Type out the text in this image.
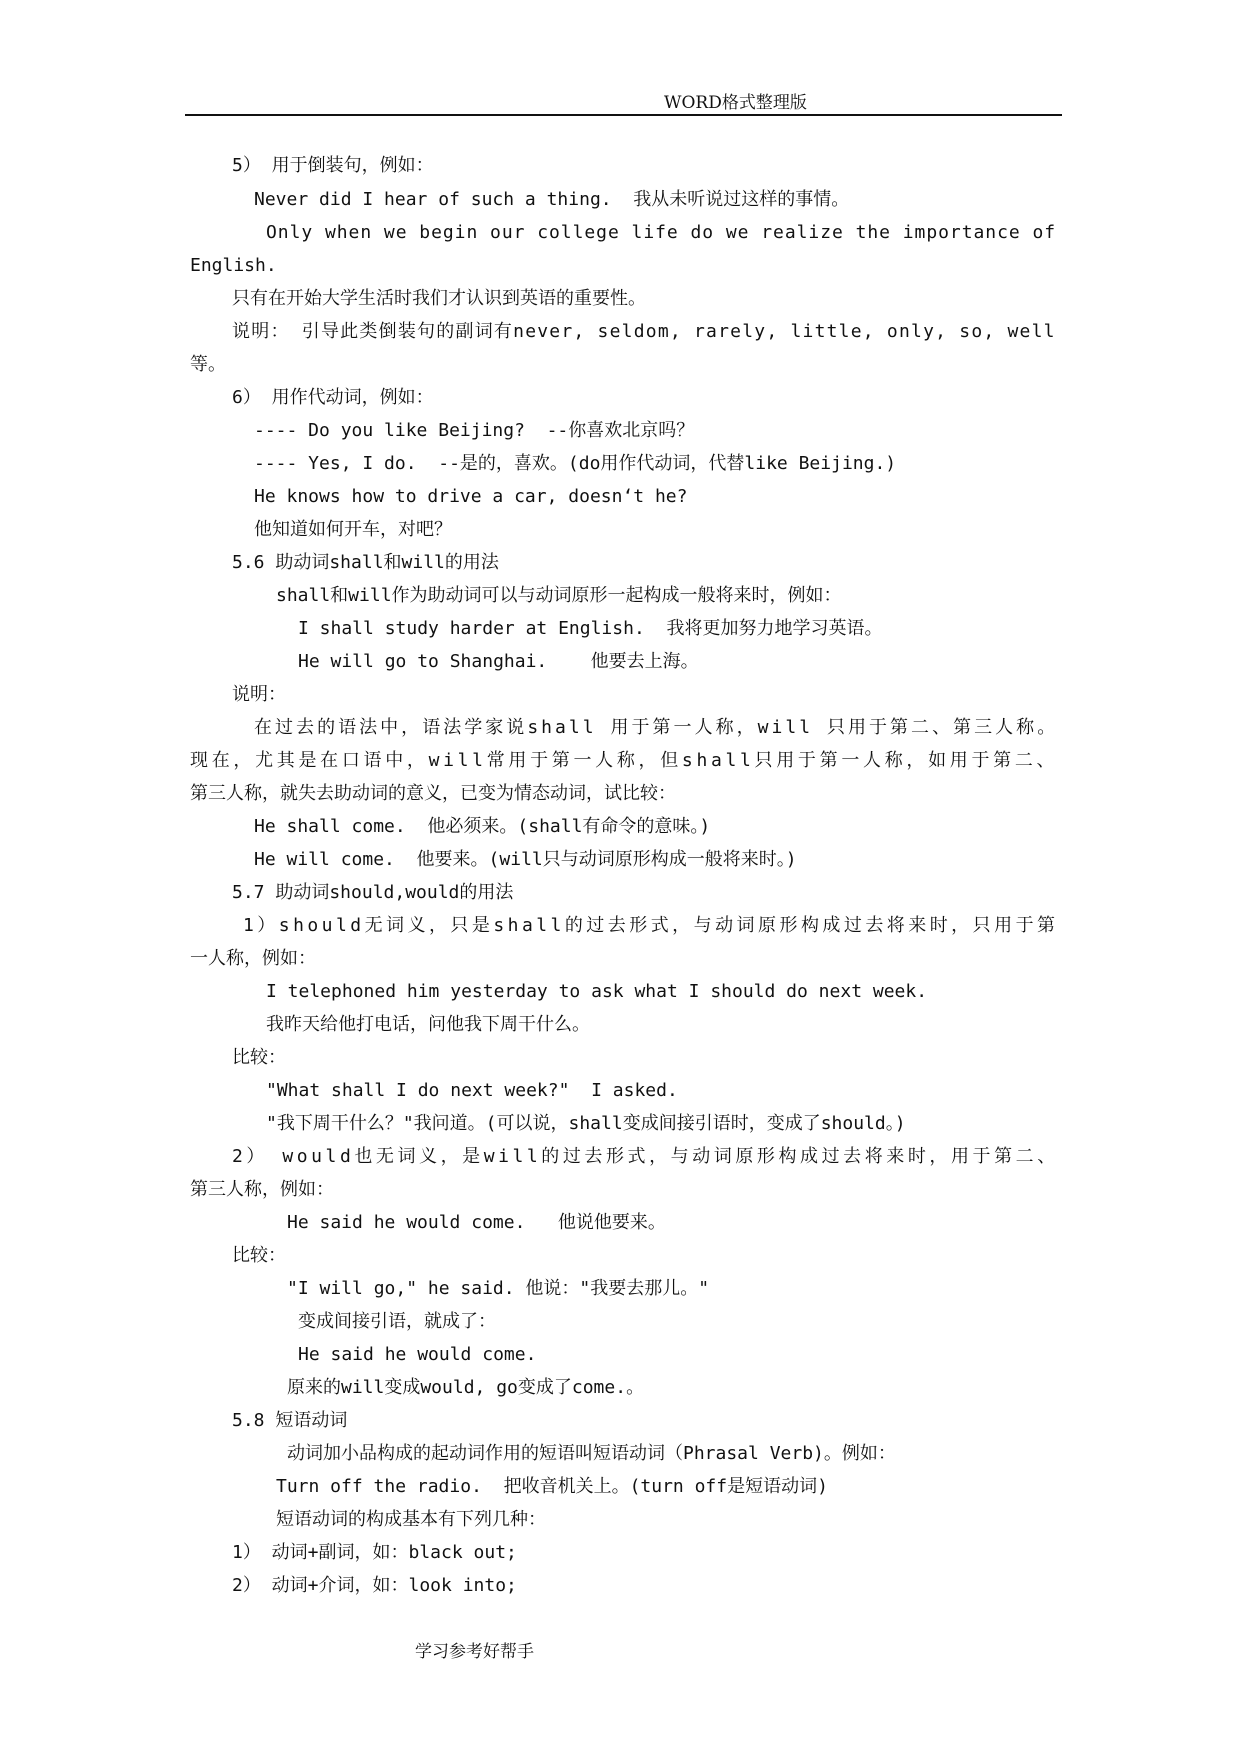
WORD格式整理版
5） 用于倒装句，例如：
Never did I hear of such a thing.  我从未听说过这样的事情。
Only when we begin our college life do we realize the importance of
English.
只有在开始大学生活时我们才认识到英语的重要性。
说明： 引导此类倒装句的副词有never, seldom, rarely, little, only, so, well
等。
6） 用作代动词，例如：
---- Do you like Beijing?  --你喜欢北京吗？
---- Yes, I do.  --是的，喜欢。(do用作代动词，代替like Beijing.)
He knows how to drive a car, doesn‘t he?
他知道如何开车，对吧？
5.6 助动词shall和will的用法
shall和will作为助动词可以与动词原形一起构成一般将来时，例如：
I shall study harder at English.  我将更加努力地学习英语。
He will go to Shanghai.    他要去上海。
说明：
在过去的语法中，语法学家说shall 用于第一人称，will 只用于第二、第三人称。
现在，尤其是在口语中，will常用于第一人称，但shall只用于第一人称，如用于第二、
第三人称，就失去助动词的意义，已变为情态动词，试比较：
He shall come.  他必须来。(shall有命令的意味。)
He will come.  他要来。(will只与动词原形构成一般将来时。)
5.7 助动词should,would的用法
1）should无词义，只是shall的过去形式，与动词原形构成过去将来时，只用于第
一人称，例如：
I telephoned him yesterday to ask what I should do next week.
我昨天给他打电话，问他我下周干什么。
比较：
"What shall I do next week?"  I asked.
"我下周干什么？"我问道。(可以说，shall变成间接引语时，变成了should。)
2） would也无词义，是will的过去形式，与动词原形构成过去将来时，用于第二、
第三人称，例如：
He said he would come.   他说他要来。
比较：
"I will go," he said. 他说："我要去那儿。"
变成间接引语，就成了：
He said he would come.
原来的will变成would, go变成了come.。
5.8 短语动词
动词加小品构成的起动词作用的短语叫短语动词（Phrasal Verb)。例如：
Turn off the radio.  把收音机关上。(turn off是短语动词)
短语动词的构成基本有下列几种：
1） 动词+副词，如：black out;
2） 动词+介词，如：look into;
学习参考好帮手
